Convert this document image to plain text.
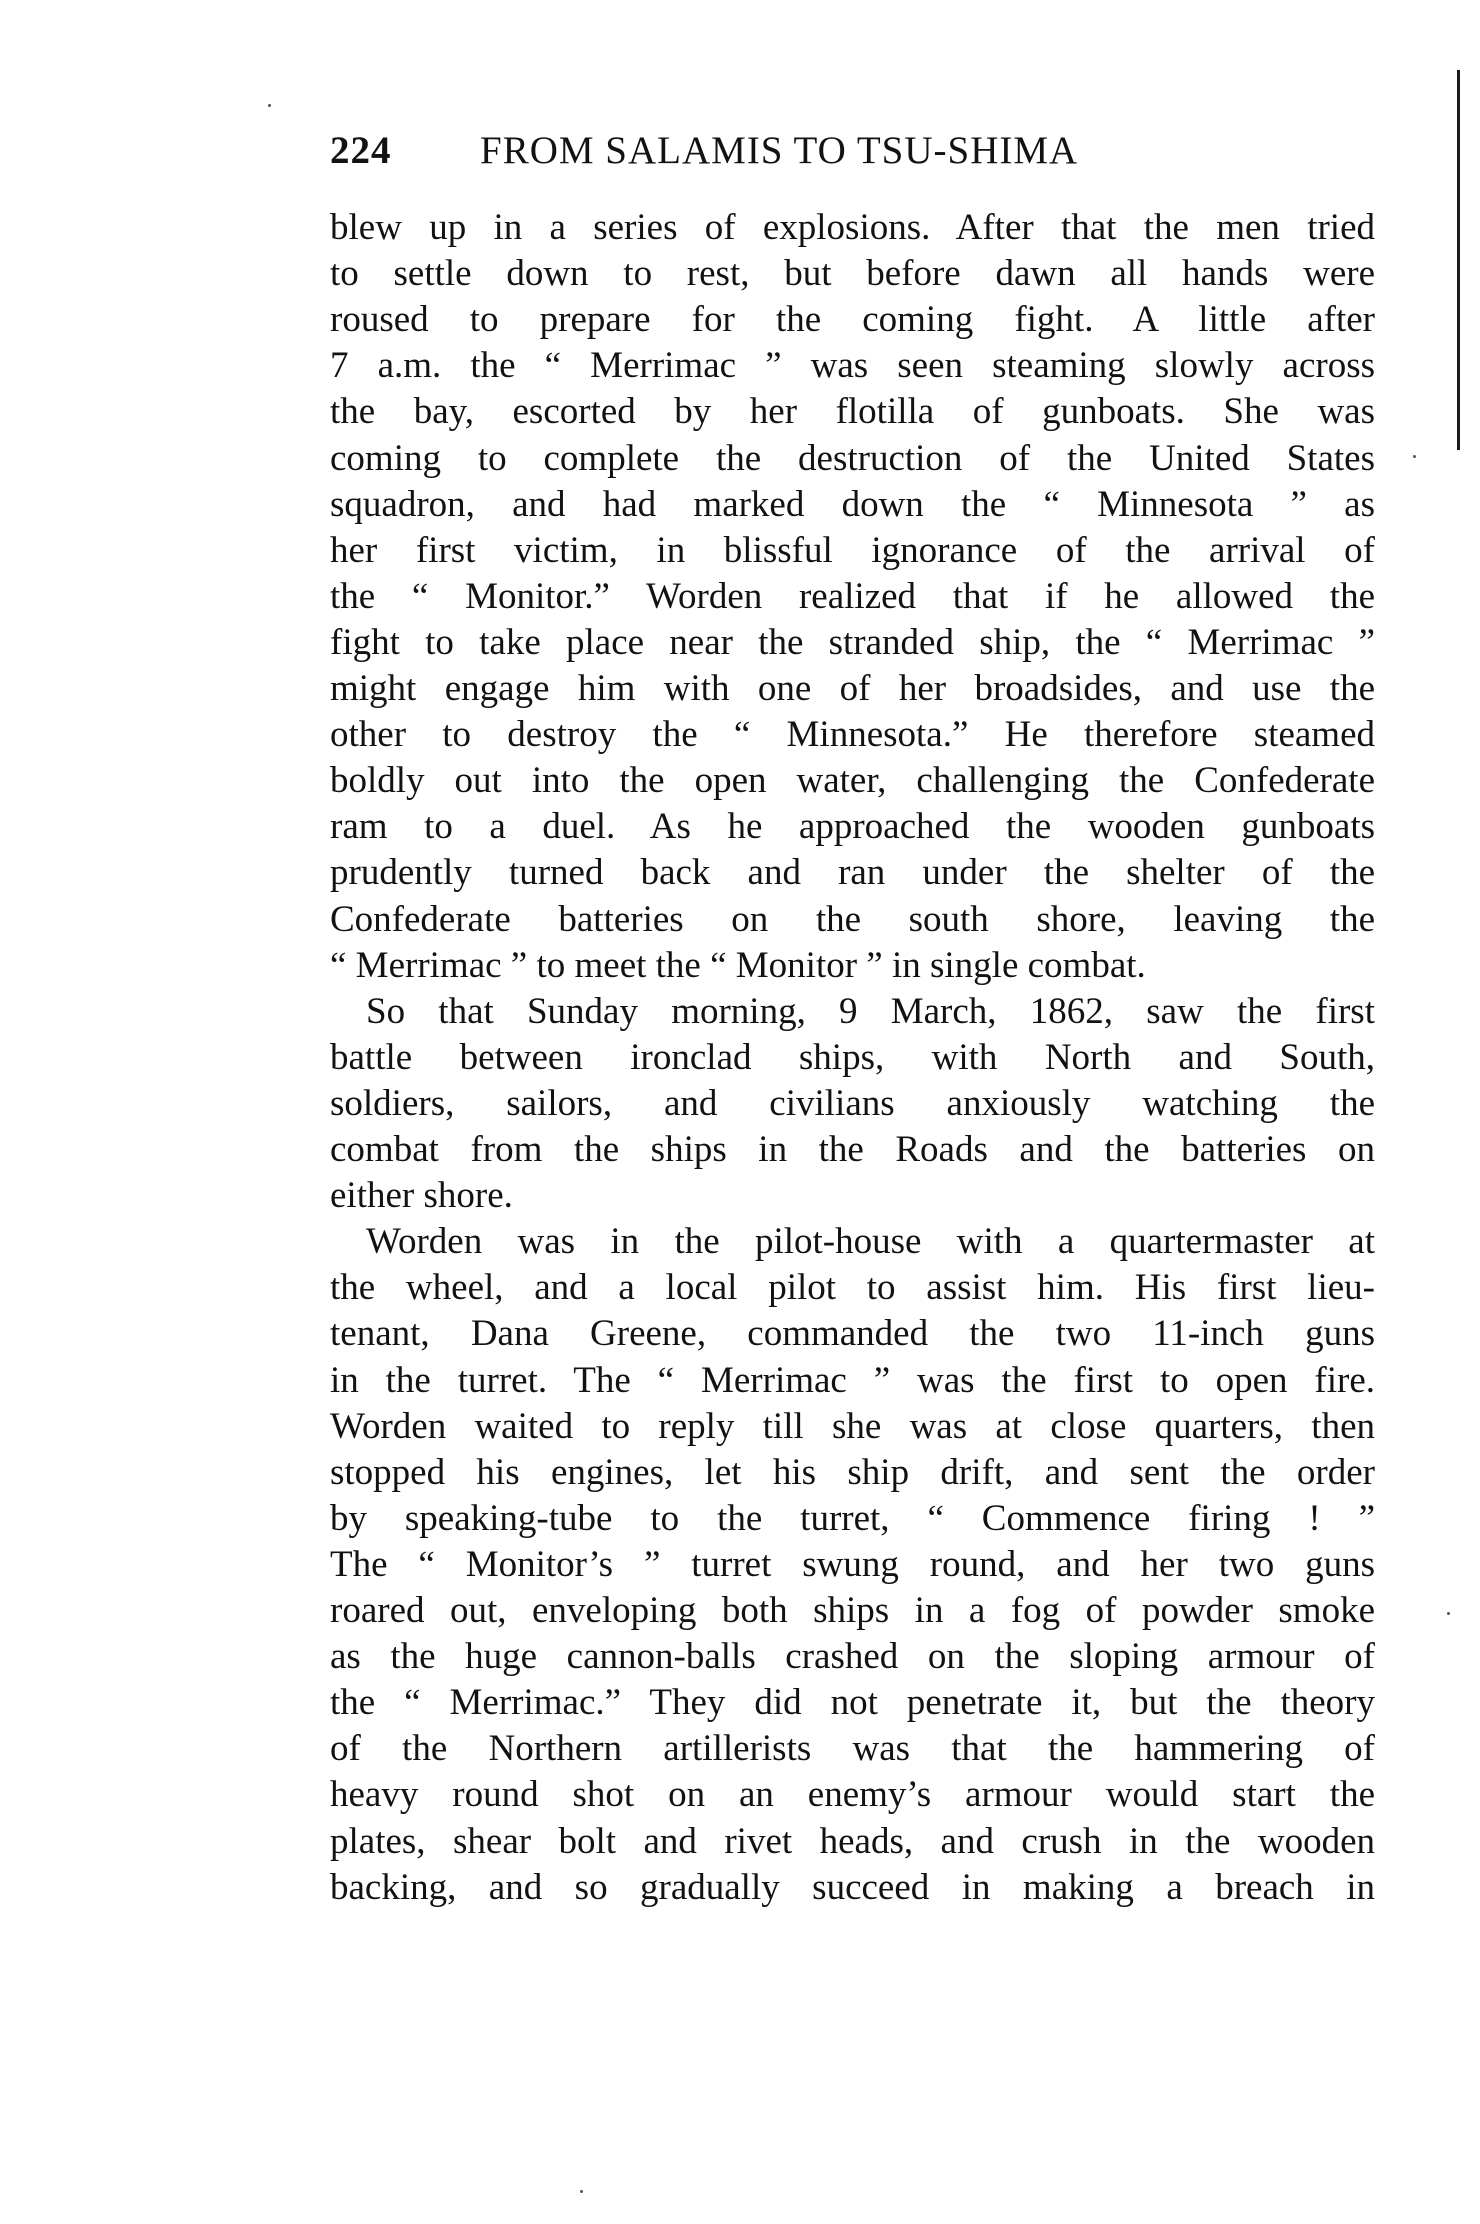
224 FROM SALAMIS TO TSU-SHIMA
blew up in a series of explosions. After that the men tried
to settle down to rest, but before dawn all hands were
roused to prepare for the coming fight. A little after
7 a.m. the “ Merrimac ” was seen steaming slowly across
the bay, escorted by her flotilla of gunboats. She was
coming to complete the destruction of the United States
squadron, and had marked down the “ Minnesota ” as
her first victim, in blissful ignorance of the arrival of
the “ Monitor.” Worden realized that if he allowed the
fight to take place near the stranded ship, the “ Merrimac ”
might engage him with one of her broadsides, and use the
other to destroy the “ Minnesota.” He therefore steamed
boldly out into the open water, challenging the Confederate
ram to a duel. As he approached the wooden gunboats
prudently turned back and ran under the shelter of the
Confederate batteries on the south shore, leaving the
“ Merrimac ” to meet the “ Monitor ” in single combat.
So that Sunday morning, 9 March, 1862, saw the first
battle between ironclad ships, with North and South,
soldiers, sailors, and civilians anxiously watching the
combat from the ships in the Roads and the batteries on
either shore.
Worden was in the pilot-house with a quartermaster at
the wheel, and a local pilot to assist him. His first lieu-
tenant, Dana Greene, commanded the two 11-inch guns
in the turret. The “ Merrimac ” was the first to open fire.
Worden waited to reply till she was at close quarters, then
stopped his engines, let his ship drift, and sent the order
by speaking-tube to the turret, “ Commence firing ! ”
The “ Monitor’s ” turret swung round, and her two guns
roared out, enveloping both ships in a fog of powder smoke
as the huge cannon-balls crashed on the sloping armour of
the “ Merrimac.” They did not penetrate it, but the theory
of the Northern artillerists was that the hammering of
heavy round shot on an enemy’s armour would start the
plates, shear bolt and rivet heads, and crush in the wooden
backing, and so gradually succeed in making a breach in
